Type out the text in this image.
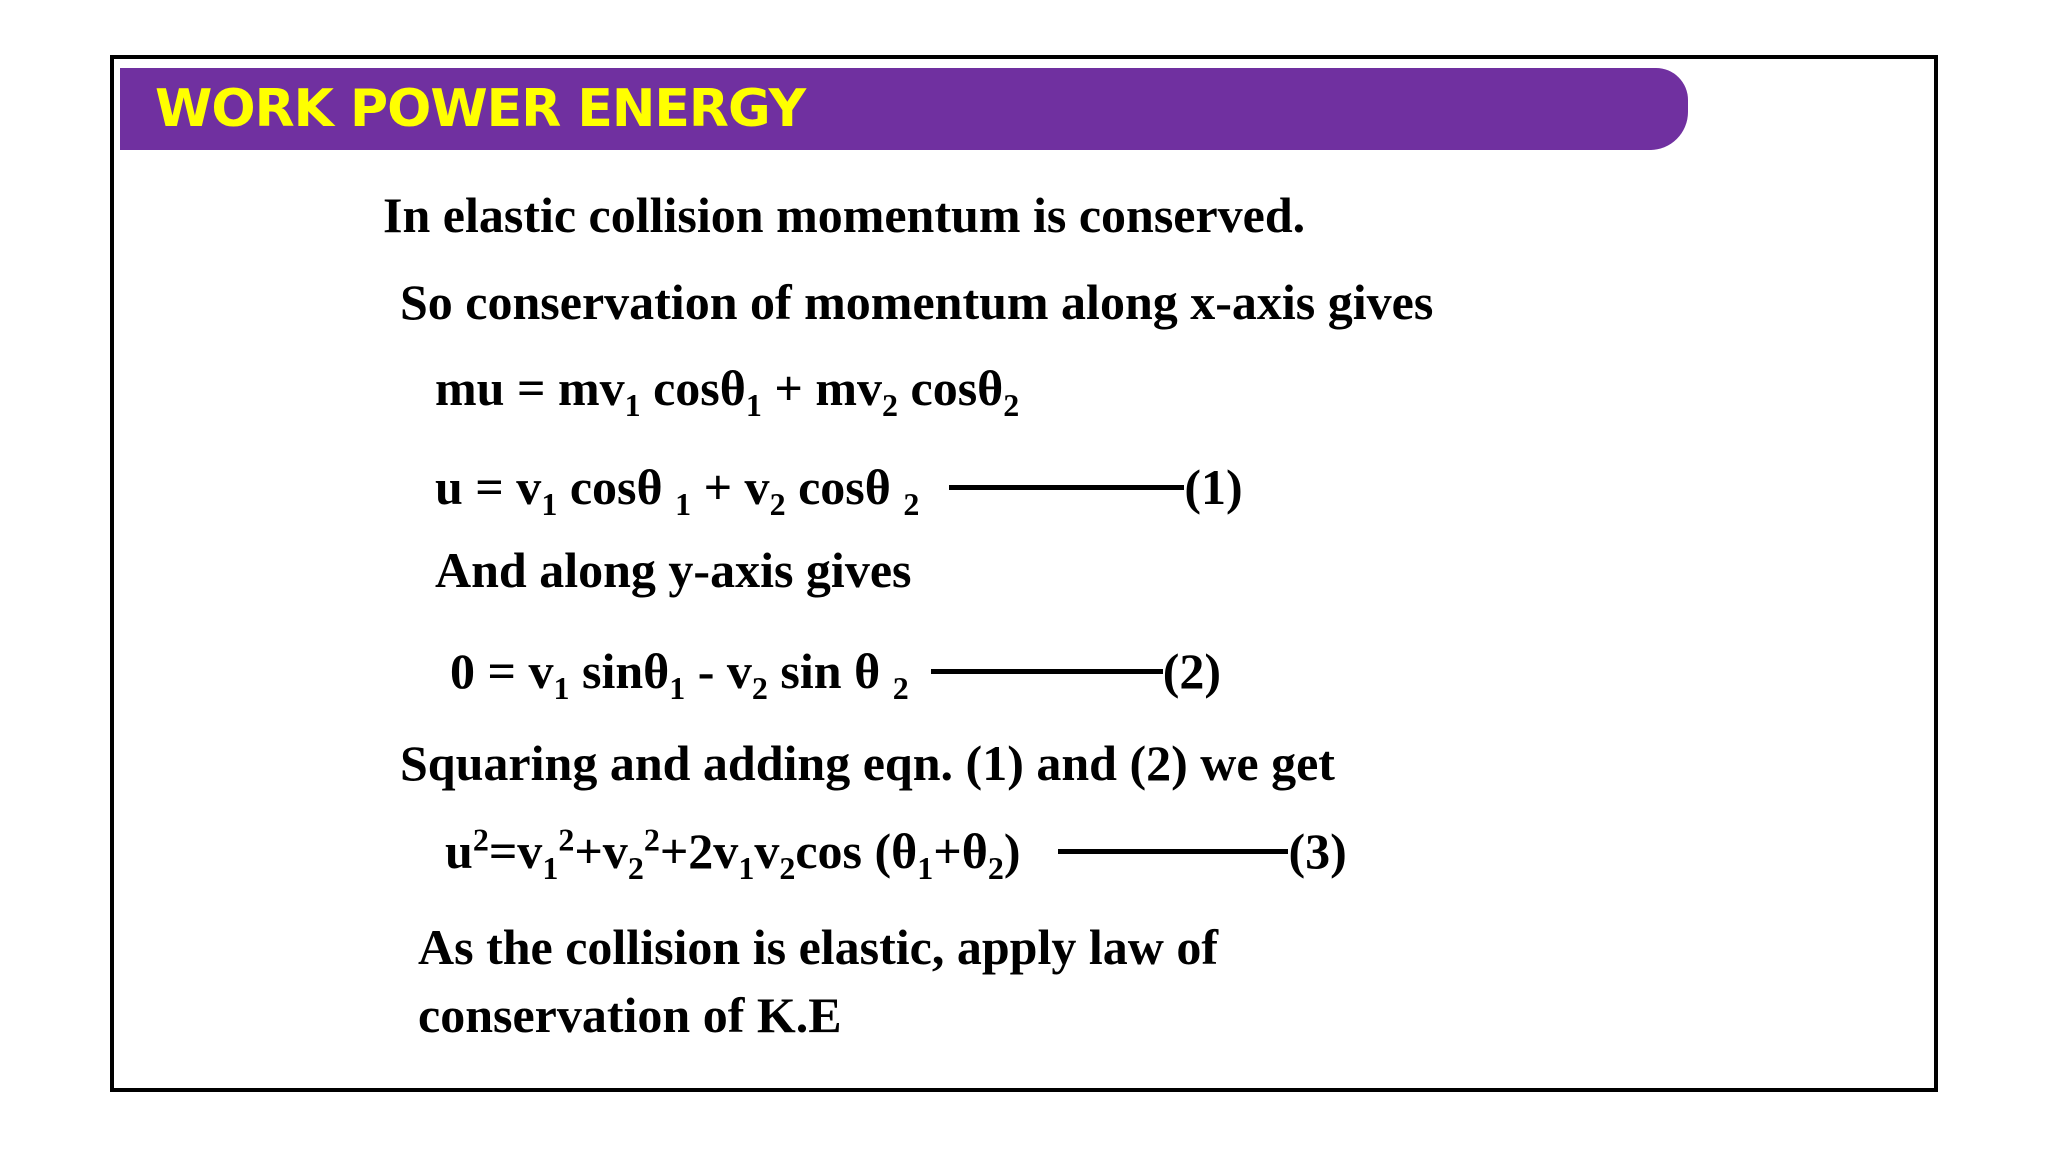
WORK POWER ENERGY
In elastic collision momentum is conserved.
So conservation of momentum along x-axis gives
mu = $mv_1$ $\cos\theta_1 + mv_2$ cosθ$_2$
$u = v_1$ cosθ $_1 + v_2$ cosθ $_2$	(1)
And along y-axis gives
$0 = v_1$ $\sin\theta_1 - v_2$ sin θ $_2$	(2)
Squaring and adding eqn. (1) and (2) we get
$u^2=v_1^2+v_2^2+2v_1v_2\cos$ $(\theta_1+\theta_2)$	(3)
As the collision is elastic, apply law of
conservation of K.E
